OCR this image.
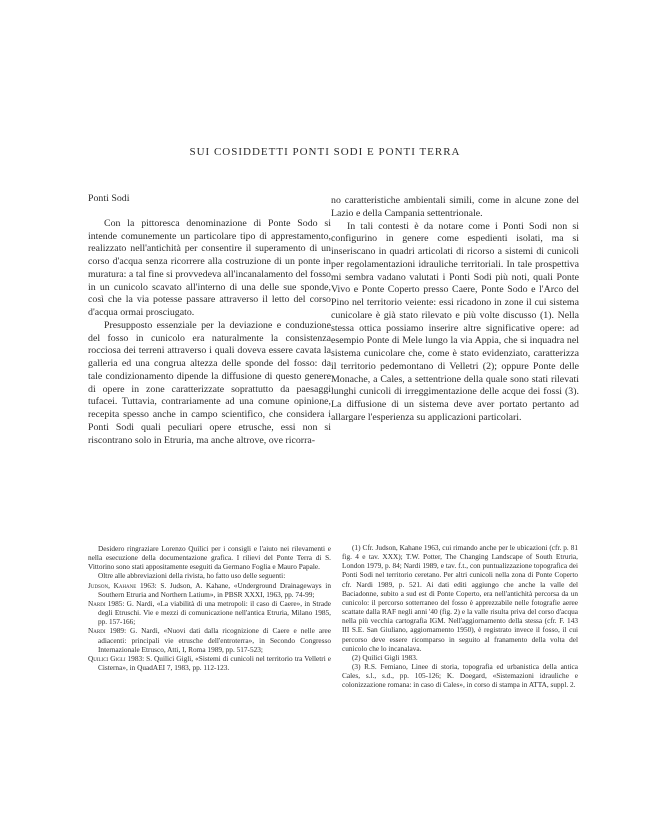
SUI COSIDDETTI PONTI SODI E PONTI TERRA

Ponti Sodi

Con la pittoresca denominazione di Ponte Sodo si intende comunemente un particolare tipo di apprestamento, realizzato nell'antichità per consentire il superamento di un corso d'acqua senza ricorrere alla costruzione di un ponte in muratura: a tal fine si provvedeva all'incanalamento del fosso in un cunicolo scavato all'interno di una delle sue sponde, così che la via potesse passare attraverso il letto del corso d'acqua ormai prosciugato.

Presupposto essenziale per la deviazione e conduzione del fosso in cunicolo era naturalmente la consistenza rocciosa dei terreni attraverso i quali doveva essere cavata la galleria ed una congrua altezza delle sponde del fosso: da tale condizionamento dipende la diffusione di questo genere di opere in zone caratterizzate soprattutto da paesaggi tufacei. Tuttavia, contrariamente ad una comune opinione, recepita spesso anche in campo scientifico, che considera i Ponti Sodi quali peculiari opere etrusche, essi non si riscontrano solo in Etruria, ma anche altrove, ove ricorra-

no caratteristiche ambientali simili, come in alcune zone del Lazio e della Campania settentrionale.

In tali contesti è da notare come i Ponti Sodi non si configurino in genere come espedienti isolati, ma si inseriscano in quadri articolati di ricorso a sistemi di cunicoli per regolamentazioni idrauliche territoriali. In tale prospettiva mi sembra vadano valutati i Ponti Sodi più noti, quali Ponte Vivo e Ponte Coperto presso Caere, Ponte Sodo e l'Arco del Pino nel territorio veiente: essi ricadono in zone il cui sistema cunicolare è già stato rilevato e più volte discusso (1). Nella stessa ottica possiamo inserire altre significative opere: ad esempio Ponte di Mele lungo la via Appia, che si inquadra nel sistema cunicolare che, come è stato evidenziato, caratterizza il territorio pedemontano di Velletri (2); oppure Ponte delle Monache, a Cales, a settentrione della quale sono stati rilevati lunghi cunicoli di irreggimentazione delle acque dei fossi (3). La diffusione di un sistema deve aver portato pertanto ad allargare l'esperienza su applicazioni particolari.

Desidero ringraziare Lorenzo Quilici per i consigli e l'aiuto nei rilevamenti e nella esecuzione della documentazione grafica. I rilievi del Ponte Terra di S. Vittorino sono stati appositamente eseguiti da Germano Foglia e Mauro Papale.

Oltre alle abbreviazioni della rivista, ho fatto uso delle seguenti:

Judson, Kahane 1963: S. Judson, A. Kahane, «Underground Drainageways in Southern Etruria and Northern Latium», in PBSR XXXI, 1963, pp. 74-99;

Nardi 1985: G. Nardi, «La viabilità di una metropoli: il caso di Caere», in Strade degli Etruschi. Vie e mezzi di comunicazione nell'antica Etruria, Milano 1985, pp. 157-166;

Nardi 1989: G. Nardi, «Nuovi dati dalla ricognizione di Caere e nelle aree adiacenti: principali vie etrusche dell'entroterra», in Secondo Congresso Internazionale Etrusco, Atti, I, Roma 1989, pp. 517-523;

Quilici Gigli 1983: S. Quilici Gigli, «Sistemi di cunicoli nel territorio tra Velletri e Cisterna», in QuadAEI 7, 1983, pp. 112-123.

(1) Cfr. Judson, Kahane 1963, cui rimando anche per le ubicazioni (cfr. p. 81 fig. 4 e tav. XXX); T.W. Potter, The Changing Landscape of South Etruria, London 1979, p. 84; Nardi 1989, e tav. f.t., con puntualizzazione topografica dei Ponti Sodi nel territorio ceretano. Per altri cunicoli nella zona di Ponte Coperto cfr. Nardi 1989, p. 521. Ai dati editi aggiungo che anche la valle del Baciadonne, subito a sud est di Ponte Coperto, era nell'antichità percorsa da un cunicolo: il percorso sotterraneo del fosso è apprezzabile nelle fotografie aeree scattate dalla RAF negli anni '40 (fig. 2) e la valle risulta priva del corso d'acqua nella più vecchia cartografia IGM. Nell'aggiornamento della stessa (cfr. F. 143 III S.E. San Giuliano, aggiornamento 1950), è registrato invece il fosso, il cui percorso deve essere ricomparso in seguito al franamento della volta del cunicolo che lo incanalava.

(2) Quilici Gigli 1983.

(3) R.S. Femiano, Linee di storia, topografia ed urbanistica della antica Cales, s.l., s.d., pp. 105-126; K. Doegard, «Sistemazioni idrauliche e colonizzazione romana: in caso di Cales», in corso di stampa in ATTA, suppl. 2.
